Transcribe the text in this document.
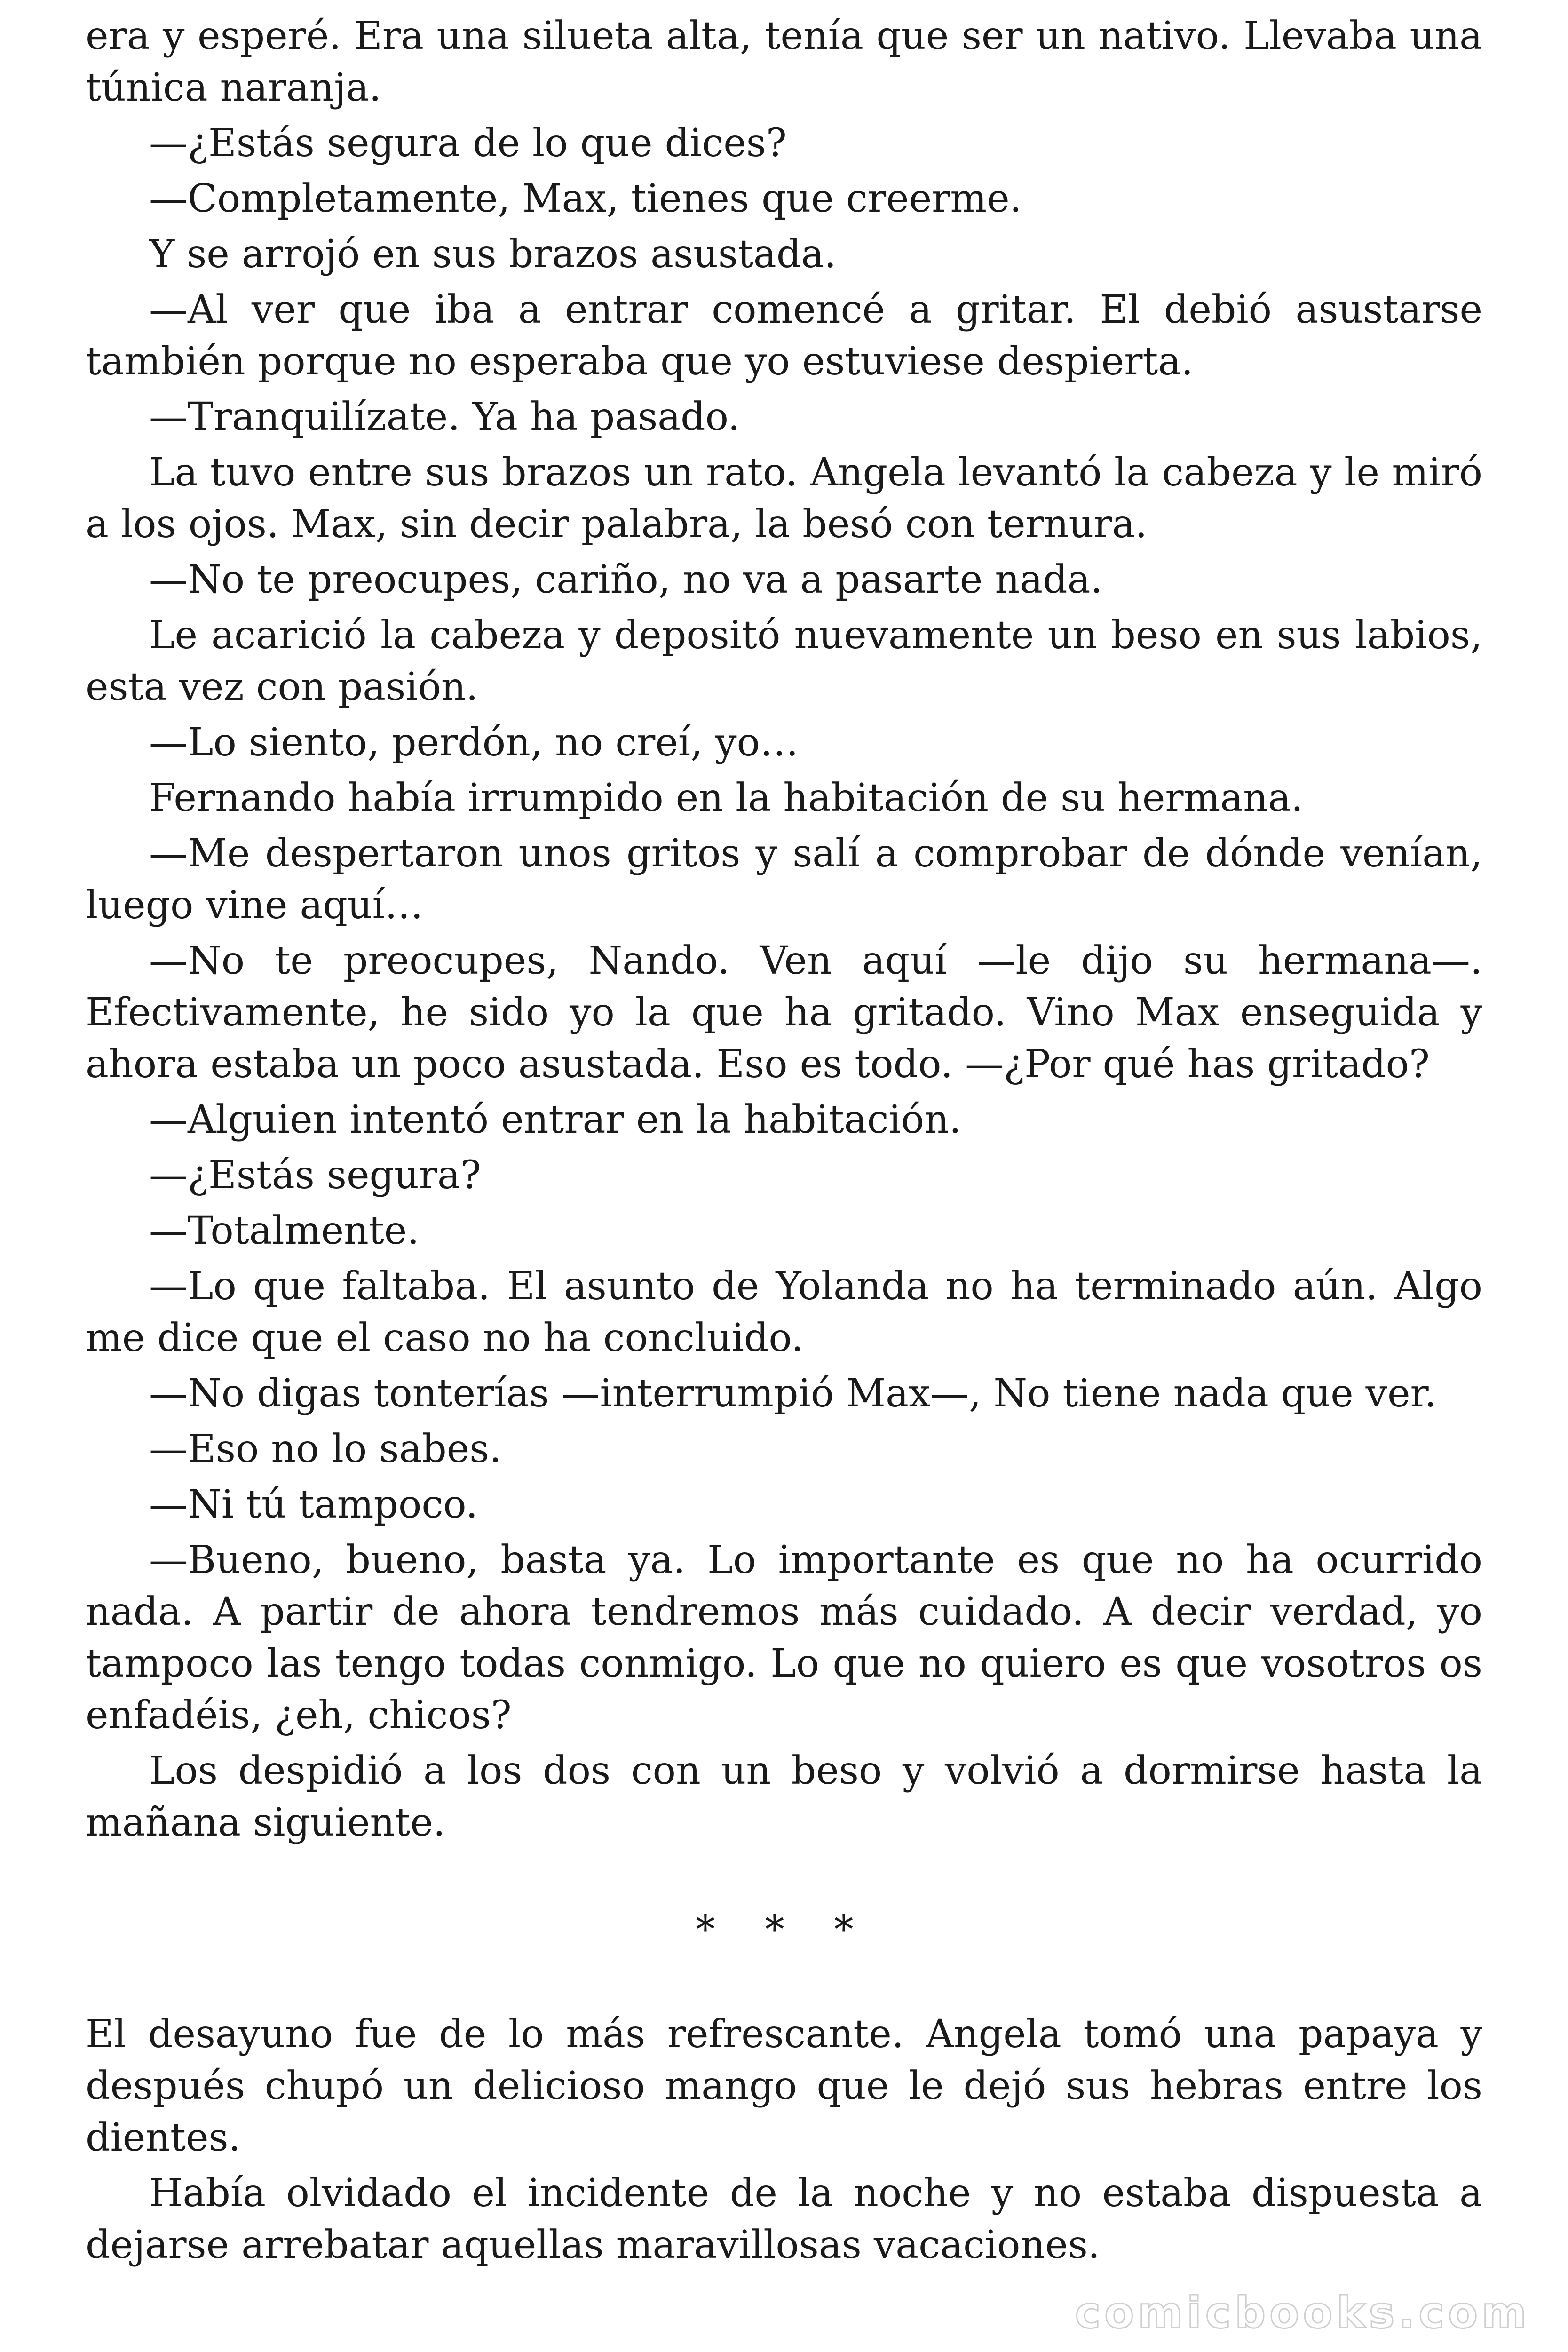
era y esperé. Era una silueta alta, tenía que ser un nativo. Llevaba una túnica naranja.

—¿Estás segura de lo que dices?

—Completamente, Max, tienes que creerme.

Y se arrojó en sus brazos asustada.

—Al ver que iba a entrar comencé a gritar. El debió asustarse también porque no esperaba que yo estuviese despierta.

—Tranquilízate. Ya ha pasado.

La tuvo entre sus brazos un rato. Angela levantó la cabeza y le miró a los ojos. Max, sin decir palabra, la besó con ternura.

—No te preocupes, cariño, no va a pasarte nada.

Le acarició la cabeza y depositó nuevamente un beso en sus labios, esta vez con pasión.

—Lo siento, perdón, no creí, yo…

Fernando había irrumpido en la habitación de su hermana.

—Me despertaron unos gritos y salí a comprobar de dónde venían, luego vine aquí…

—No te preocupes, Nando. Ven aquí —le dijo su hermana—. Efectivamente, he sido yo la que ha gritado. Vino Max enseguida y ahora estaba un poco asustada. Eso es todo. —¿Por qué has gritado?

—Alguien intentó entrar en la habitación.

—¿Estás segura?

—Totalmente.

—Lo que faltaba. El asunto de Yolanda no ha terminado aún. Algo me dice que el caso no ha concluido.

—No digas tonterías —interrumpió Max—, No tiene nada que ver.

—Eso no lo sabes.

—Ni tú tampoco.

—Bueno, bueno, basta ya. Lo importante es que no ha ocurrido nada. A partir de ahora tendremos más cuidado. A decir verdad, yo tampoco las tengo todas conmigo. Lo que no quiero es que vosotros os enfadéis, ¿eh, chicos?

Los despidió a los dos con un beso y volvió a dormirse hasta la mañana siguiente.

* * *

El desayuno fue de lo más refrescante. Angela tomó una papaya y después chupó un delicioso mango que le dejó sus hebras entre los dientes.

Había olvidado el incidente de la noche y no estaba dispuesta a dejarse arrebatar aquellas maravillosas vacaciones.

comicbooks.com
